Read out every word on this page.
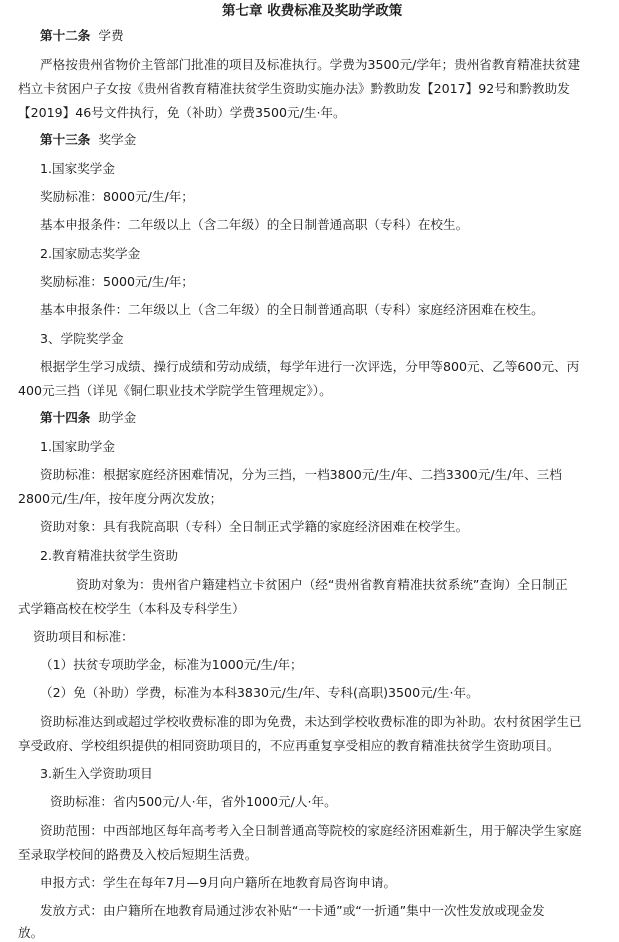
第七章 收费标准及奖助学政策
第十二条 学费
严格按贵州省物价主管部门批准的项目及标准执行。学费为3500元/学年；贵州省教育精准扶贫建
档立卡贫困户子女按《贵州省教育精准扶贫学生资助实施办法》黔教助发【2017】92号和黔教助发
【2019】46号文件执行，免（补助）学费3500元/生·年。
第十三条 奖学金
1.国家奖学金
奖励标准：8000元/生/年；
基本申报条件：二年级以上（含二年级）的全日制普通高职（专科）在校生。
2.国家励志奖学金
奖励标准：5000元/生/年；
基本申报条件：二年级以上（含二年级）的全日制普通高职（专科）家庭经济困难在校生。
3、学院奖学金
根据学生学习成绩、操行成绩和劳动成绩，每学年进行一次评选，分甲等800元、乙等600元、丙
400元三挡（详见《铜仁职业技术学院学生管理规定》）。
第十四条 助学金
1.国家助学金
资助标准：根据家庭经济困难情况，分为三挡，一档3800元/生/年、二挡3300元/生/年、三档
2800元/生/年，按年度分两次发放；
资助对象：具有我院高职（专科）全日制正式学籍的家庭经济困难在校学生。
2.教育精准扶贫学生资助
资助对象为：贵州省户籍建档立卡贫困户（经“贵州省教育精准扶贫系统”查询）全日制正
式学籍高校在校学生（本科及专科学生）
资助项目和标准：
（1）扶贫专项助学金，标准为1000元/生/年；
（2）免（补助）学费，标准为本科3830元/生/年、专科(高职)3500元/生·年。
资助标准达到或超过学校收费标准的即为免费，未达到学校收费标准的即为补助。农村贫困学生已
享受政府、学校组织提供的相同资助项目的，不应再重复享受相应的教育精准扶贫学生资助项目。
3.新生入学资助项目
资助标准：省内500元/人·年，省外1000元/人·年。
资助范围：中西部地区每年高考考入全日制普通高等院校的家庭经济困难新生，用于解决学生家庭
至录取学校间的路费及入校后短期生活费。
申报方式：学生在每年7月—9月向户籍所在地教育局咨询申请。
发放方式：由户籍所在地教育局通过涉农补贴“一卡通”或“一折通”集中一次性发放或现金发
放。
